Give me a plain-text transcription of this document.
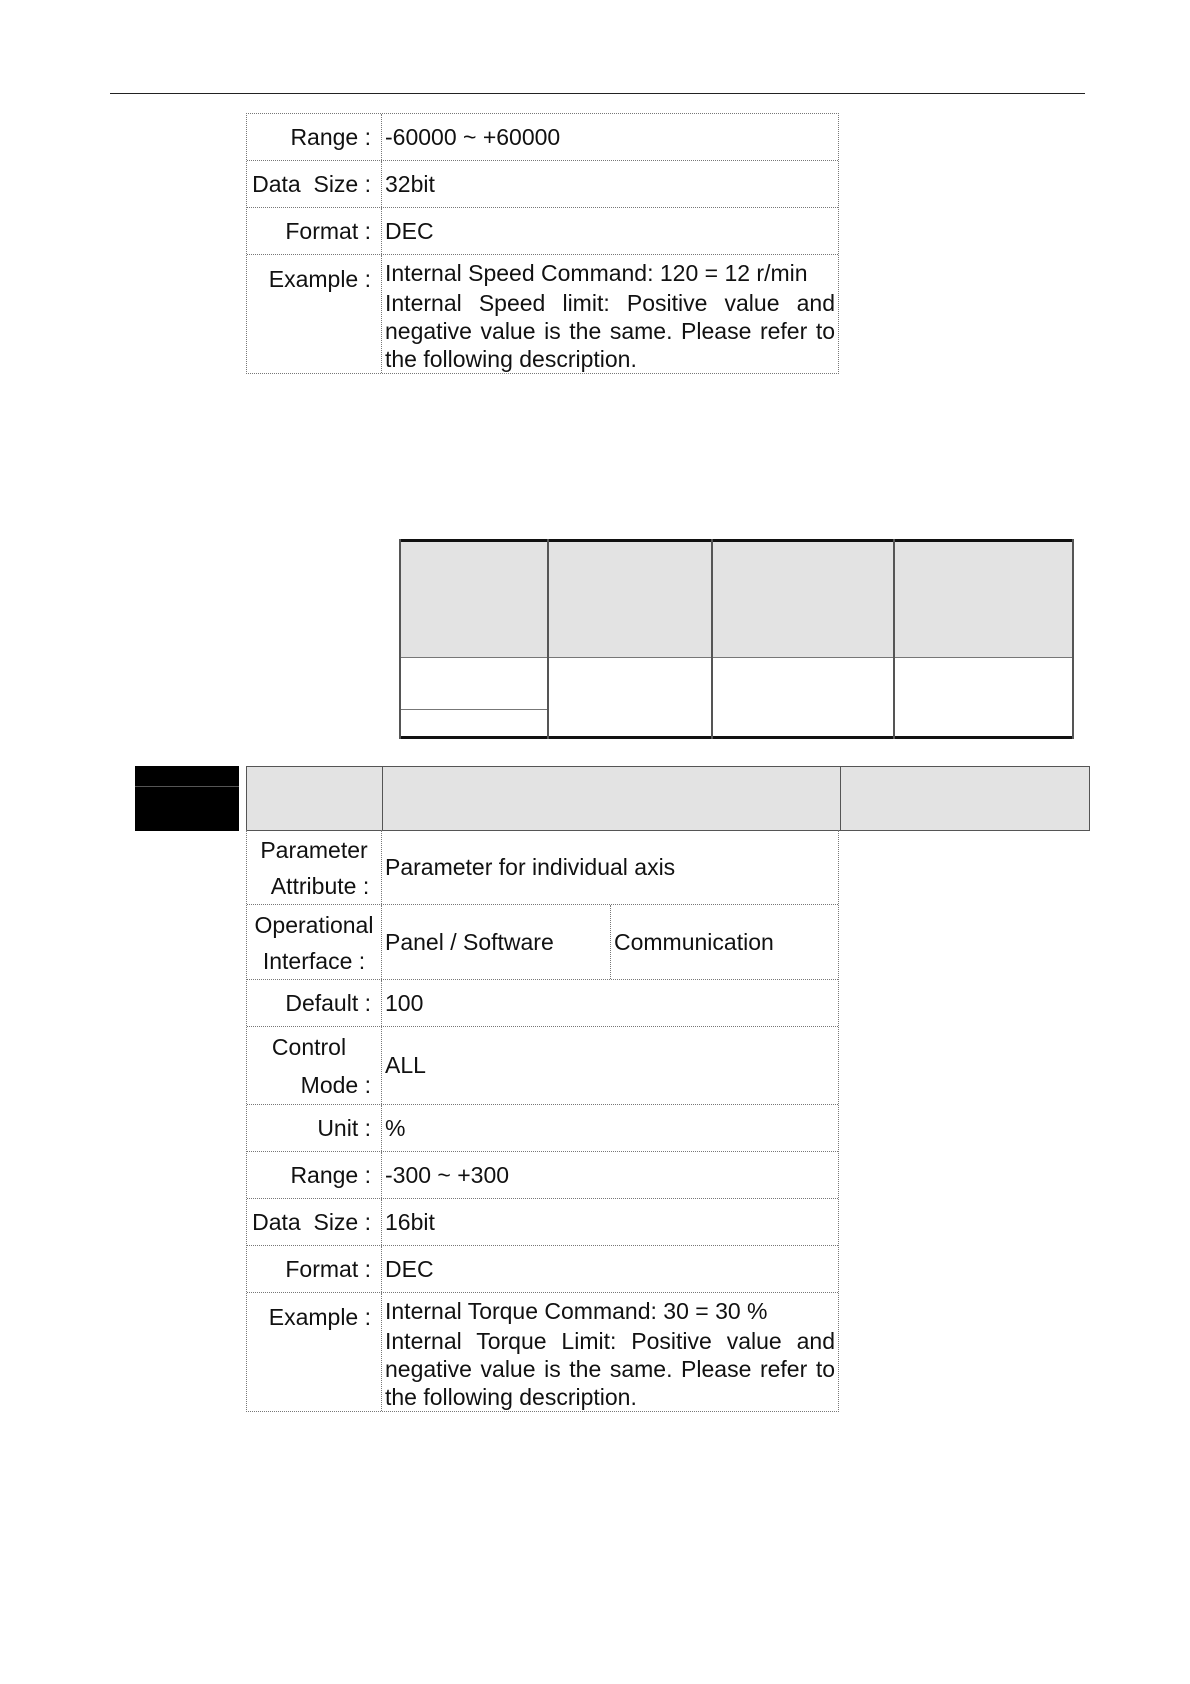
Range : -60000 ~ +60000
Data  Size : 32bit
Format : DEC
Example : Internal Speed Command: 120 = 12 r/min
Internal Speed limit: Positive value and negative value is the same. Please refer to the following description.
Parameter
Attribute :
Parameter for individual axis
Operational
Interface :
Panel / Software	Communication
Default : 100
Control
Mode :
ALL
Unit : %
Range : -300 ~ +300
Data  Size : 16bit
Format : DEC
Example : Internal Torque Command: 30 = 30 %
Internal Torque Limit: Positive value and negative value is the same. Please refer to the following description.
